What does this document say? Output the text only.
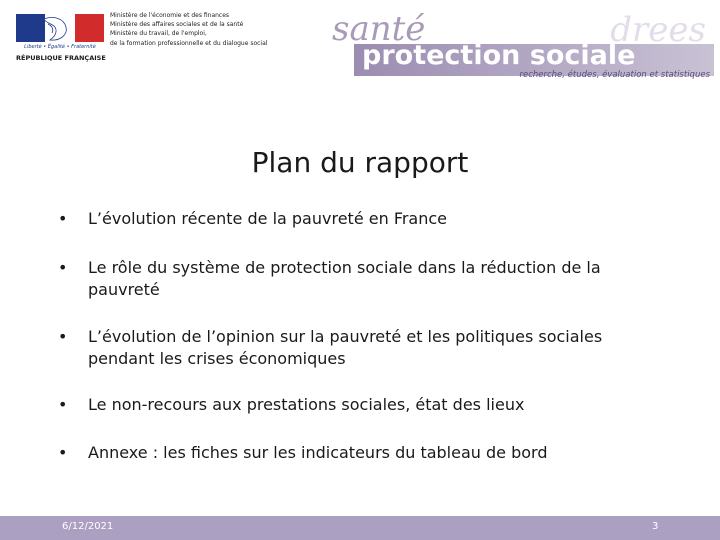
Liberté • Égalité • Fraternité
RÉPUBLIQUE FRANÇAISE
Ministère de l'économie et des finances
Ministère des affaires sociales et de la santé
Ministère du travail, de l'emploi,
de la formation professionnelle et du dialogue social	santé	drees
protection sociale
recherche, études, évaluation et statistiques
Plan du rapport
• L’évolution récente de la pauvreté en France
• Le rôle du système de protection sociale dans la réduction de la pauvreté
• L’évolution de l’opinion sur la pauvreté et les politiques sociales pendant les crises économiques
• Le non-recours aux prestations sociales, état des lieux
• Annexe : les fiches sur les indicateurs du tableau de bord
6/12/2021	3
